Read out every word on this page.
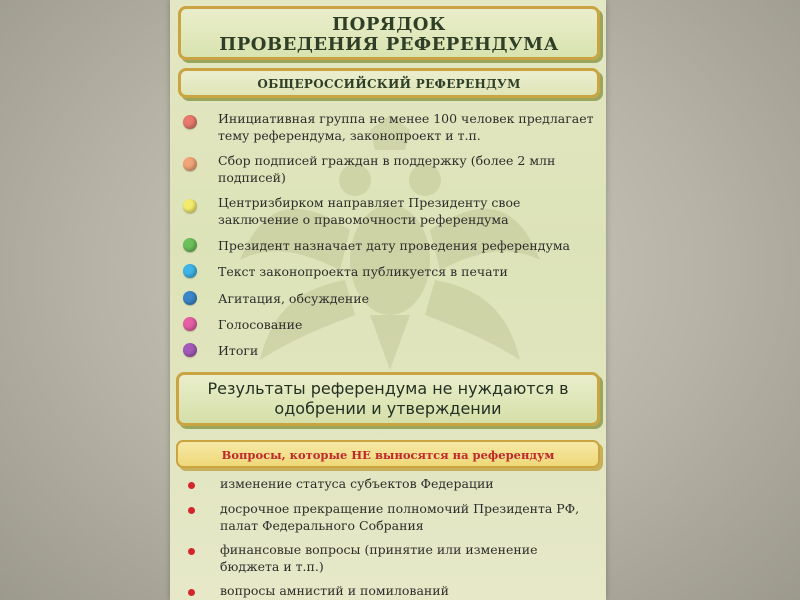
ПОРЯДОК
ПРОВЕДЕНИЯ РЕФЕРЕНДУМА
ОБЩЕРОССИЙСКИЙ РЕФЕРЕНДУМ
Инициативная группа не менее 100 человек предлагает тему референдума, законопроект и т.п.
Сбор подписей граждан в поддержку (более 2 млн подписей)
Центризбирком направляет Президенту свое заключение о правомочности референдума
Президент назначает дату проведения референдума
Текст законопроекта публикуется в печати
Агитация, обсуждение
Голосование
Итоги
Результаты референдума не нуждаются в
одобрении и утверждении
Вопросы, которые НЕ выносятся на референдум
изменение статуса субъектов Федерации
досрочное прекращение полномочий Президента РФ, палат Федерального Собрания
финансовые вопросы (принятие или изменение бюджета и т.п.)
вопросы амнистий и помилований
